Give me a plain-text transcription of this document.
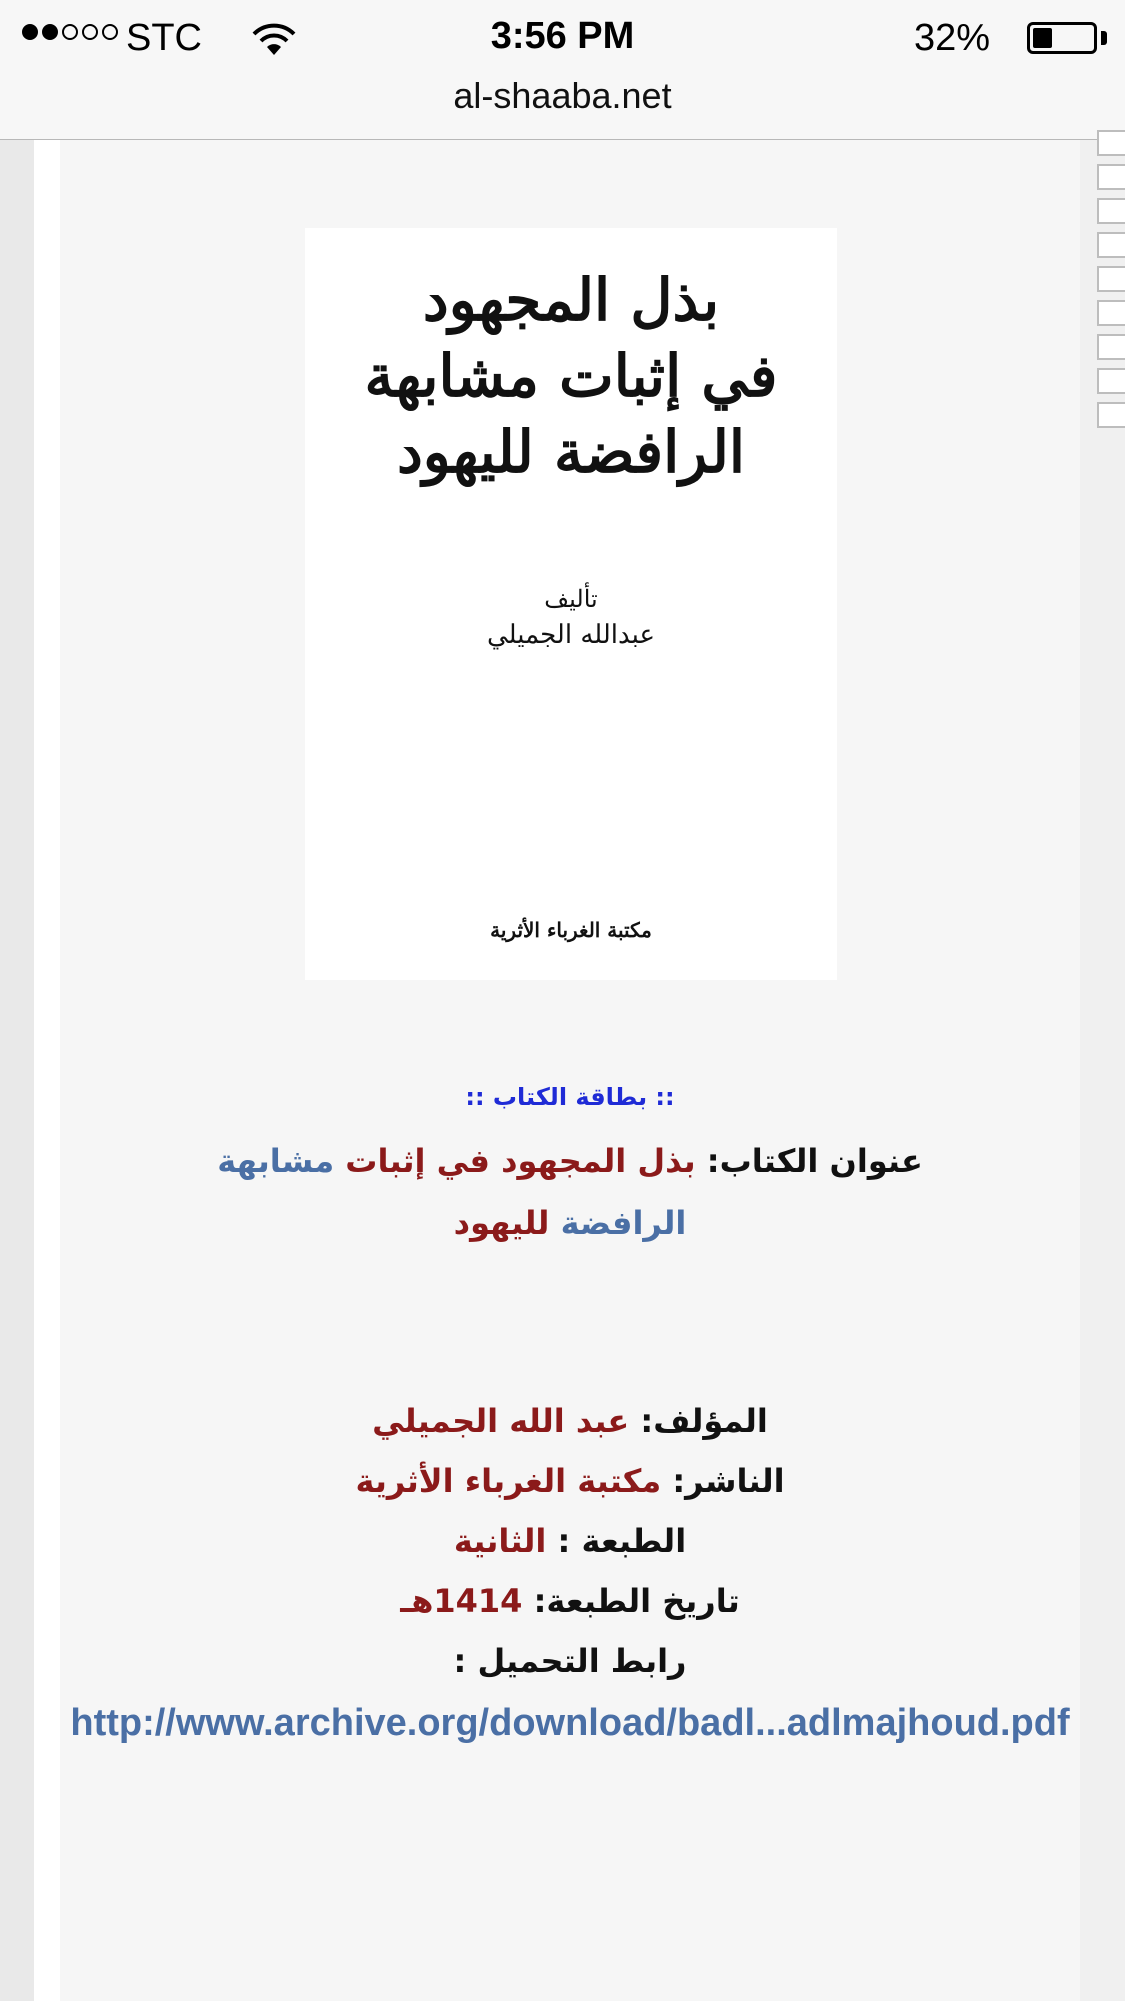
STC	3:56 PM	32%
al-shaaba.net
بذل المجهود
في إثبات مشابهة
الرافضة لليهود
تأليف
عبدالله الجميلي
مكتبة الغرباء الأثرية
:: بطاقة الكتاب ::
عنوان الكتاب: بذل المجهود في إثبات مشابهة الرافضة لليهود
المؤلف: عبد الله الجميلي
الناشر: مكتبة الغرباء الأثرية
الطبعة : الثانية
تاريخ الطبعة: 1414هـ
رابط التحميل :
http://www.archive.org/download/badl...adlmajhoud.pdf
